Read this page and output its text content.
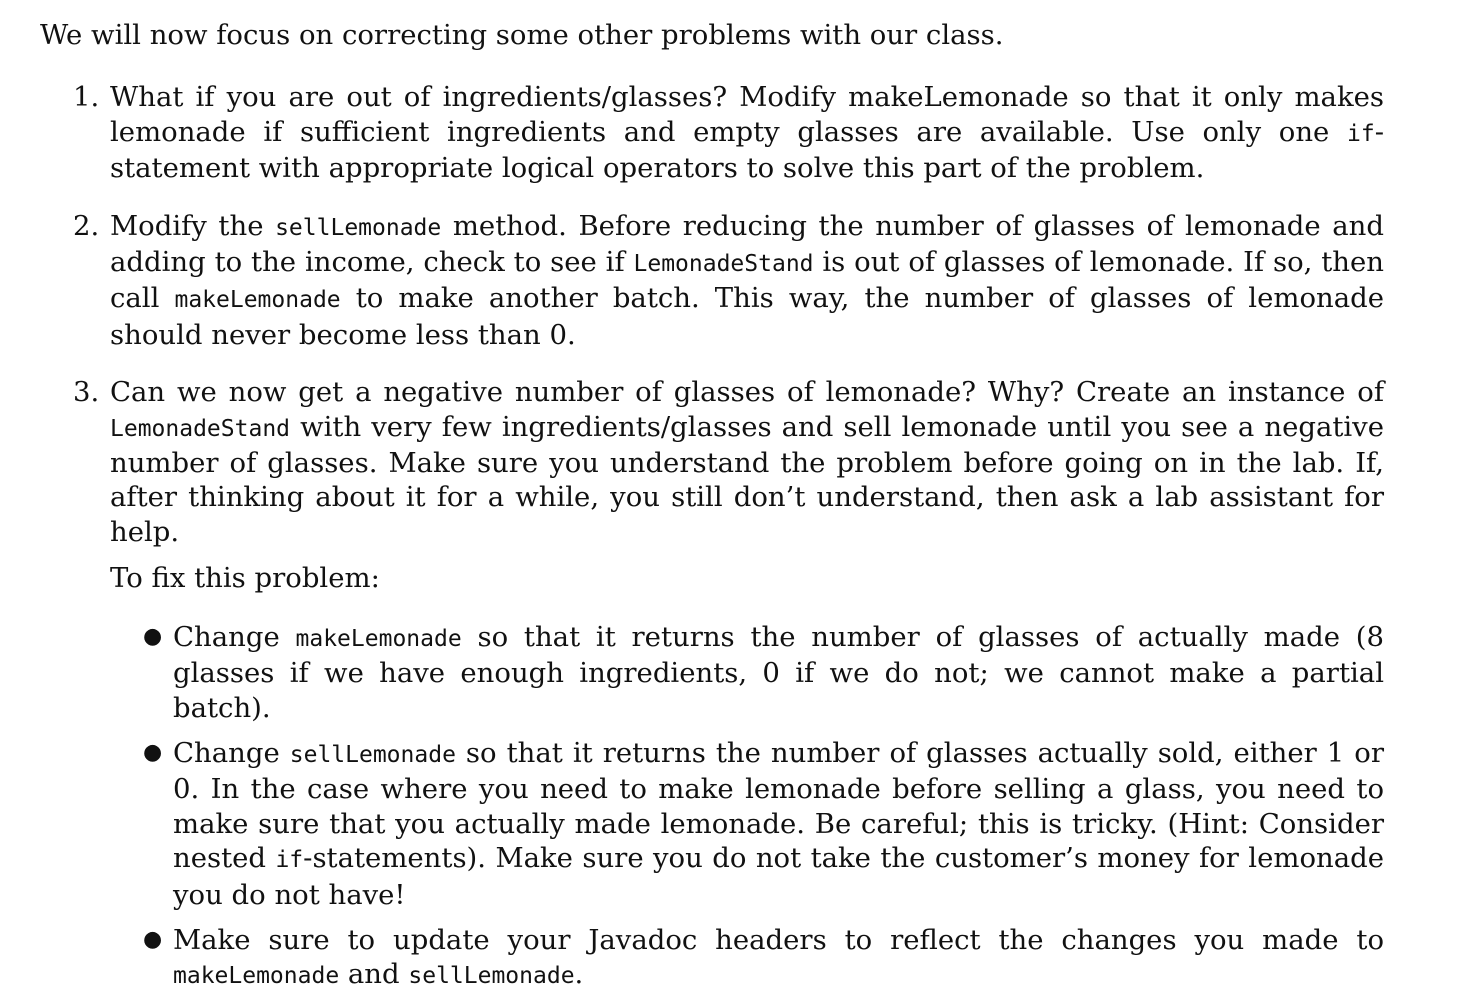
We will now focus on correcting some other problems with our class.

1. What if you are out of ingredients/glasses? Modify makeLemonade so that it only makes lemonade if sufficient ingredients and empty glasses are available. Use only one if-statement with appropriate logical operators to solve this part of the problem.
2. Modify the sellLemonade method. Before reducing the number of glasses of lemonade and adding to the income, check to see if LemonadeStand is out of glasses of lemonade. If so, then call makeLemonade to make another batch. This way, the number of glasses of lemonade should never become less than 0.
3. Can we now get a negative number of glasses of lemonade? Why? Create an instance of LemonadeStand with very few ingredients/glasses and sell lemonade until you see a negative number of glasses. Make sure you understand the problem before going on in the lab. If, after thinking about it for a while, you still don’t understand, then ask a lab assistant for help.

To fix this problem:

● Change makeLemonade so that it returns the number of glasses of actually made (8 glasses if we have enough ingredients, 0 if we do not; we cannot make a partial batch).
● Change sellLemonade so that it returns the number of glasses actually sold, either 1 or 0. In the case where you need to make lemonade before selling a glass, you need to make sure that you actually made lemonade. Be careful; this is tricky. (Hint: Consider nested if-statements). Make sure you do not take the customer’s money for lemonade you do not have!
● Make sure to update your Javadoc headers to reflect the changes you made to makeLemonade and sellLemonade.
